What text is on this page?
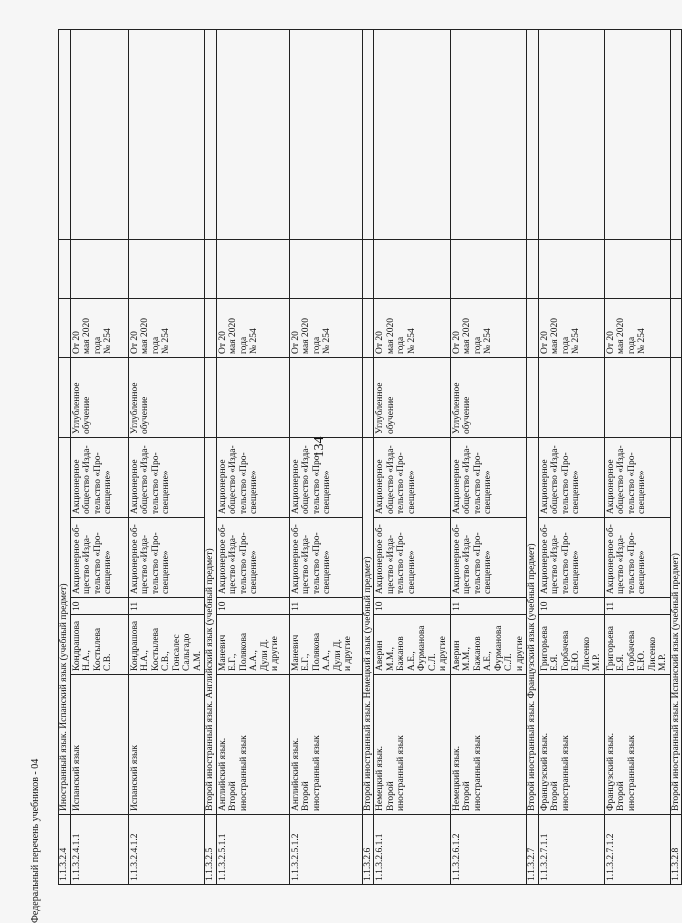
134
Федеральный перечень учебников - 04 1.1.3.2.4	Иностранный язык. Испанский язык (учебный предмет)								
1.1.3.2.4.1.1	Испанский язык	Кондрашова Н.А.,
Костылева С.В.	10	Акционерное об-
щество «Изда-
тельство «Про-
свещение»	Акционерное
общество «Изда-
тельство «Про-
свещение»	Углубленное
обучение	От 20
мая 2020
года
№ 254		
1.1.3.2.4.1.2	Испанский язык	Кондрашова Н.А.,
Костылева С.В.,
Гонсалес
Сальгадо А.М.	11	Акционерное об-
щество «Изда-
тельство «Про-
свещение»	Акционерное
общество «Изда-
тельство «Про-
свещение»	Углубленное
обучение	От 20
мая 2020
года
№ 254		
1.1.3.2.5	Второй иностранный язык. Английский язык (учебный предмет)								
1.1.3.2.5.1.1	Английский язык.
Второй
иностранный язык	Маневич Е.Г.,
Полякова А.А.,
Дули Д.
и другие	10	Акционерное об-
щество «Изда-
тельство «Про-
свещение»	Акционерное
общество «Изда-
тельство «Про-
свещение»		От 20
мая 2020
года
№ 254		
1.1.3.2.5.1.2	Английский язык.
Второй
иностранный язык	Маневич Е.Г.,
Полякова А.А.,
Дули Д.
и другие	11	Акционерное об-
щество «Изда-
тельство «Про-
свещение»	Акционерное
общество «Изда-
тельство «Про-
свещение»		От 20
мая 2020
года
№ 254		
1.1.3.2.6	Второй иностранный язык. Немецкий язык (учебный предмет)								
1.1.3.2.6.1.1	Немецкий язык.
Второй
иностранный язык	Аверин М.М.,
Бажанов А.Е.,
Фурманова С.Л.
и другие	10	Акционерное об-
щество «Изда-
тельство «Про-
свещение»	Акционерное
общество «Изда-
тельство «Про-
свещение»	Углубленное
обучение	От 20
мая 2020
года
№ 254		
1.1.3.2.6.1.2	Немецкий язык.
Второй
иностранный язык	Аверин М.М.,
Бажанов А.Е.,
Фурманова С.Л.
и другие	11	Акционерное об-
щество «Изда-
тельство «Про-
свещение»	Акционерное
общество «Изда-
тельство «Про-
свещение»	Углубленное
обучение	От 20
мая 2020
года
№ 254		
1.1.3.2.7	Второй иностранный язык. Французский язык (учебный предмет)								
1.1.3.2.7.1.1	Французский язык.
Второй
иностранный язык	Григорьева Е.Я.
Горбачева Е.Ю.
Лисенко М.Р.	10	Акционерное об-
щество «Изда-
тельство «Про-
свещение»	Акционерное
общество «Изда-
тельство «Про-
свещение»		От 20
мая 2020
года
№ 254		
1.1.3.2.7.1.2	Французский язык.
Второй
иностранный язык	Григорьева Е.Я.
Горбачева Е.Ю.
Лисенко М.Р.	11	Акционерное об-
щество «Изда-
тельство «Про-
свещение»	Акционерное
общество «Изда-
тельство «Про-
свещение»		От 20
мая 2020
года
№ 254		
1.1.3.2.8	Второй иностранный язык. Испанский язык (учебный предмет)								
